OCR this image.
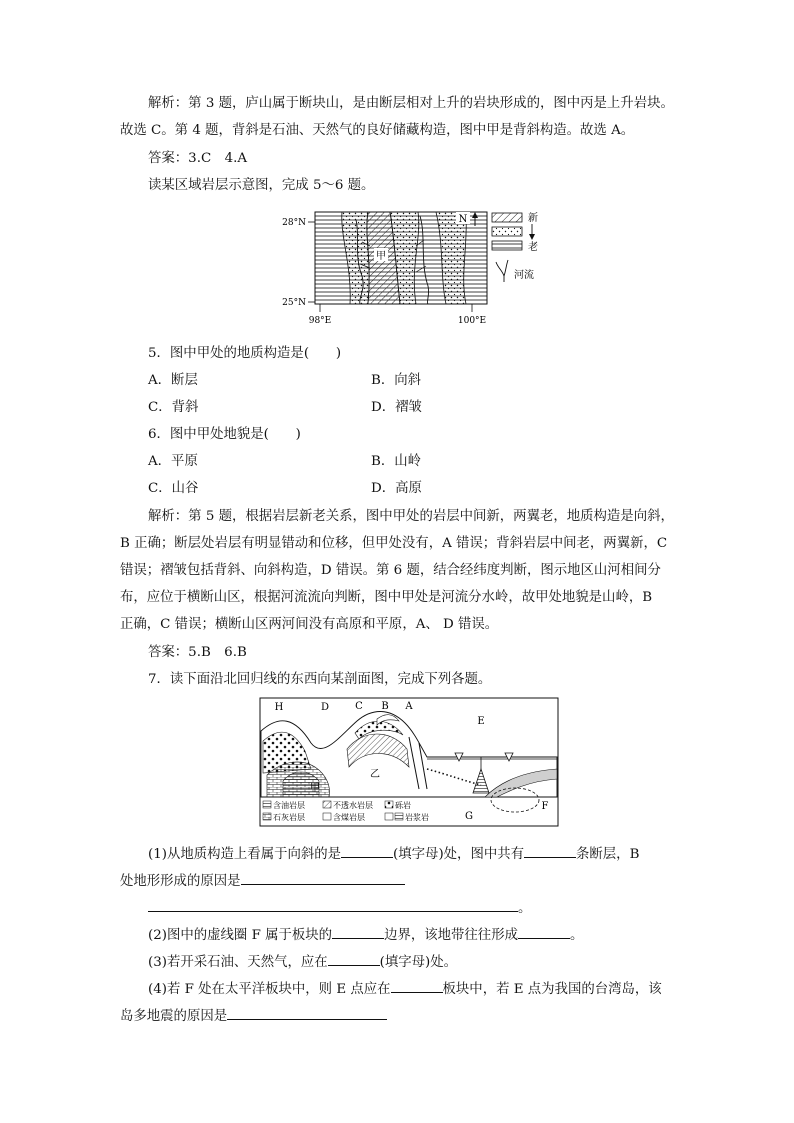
解析：第 3 题，庐山属于断块山，是由断层相对上升的岩块形成的，图中丙是上升岩块。
故选 C。第 4 题，背斜是石油、天然气的良好储藏构造，图中甲是背斜构造。故选 A。
答案：3.C　4.A
读某区域岩层示意图，完成 5～6 题。
28°N
25°N
98°E	100°E
N
甲
新
老
河流
5．图中甲处的地质构造是(　　)
A．断层	B．向斜
C．背斜	D．褶皱
6．图中甲处地貌是(　　)
A．平原	B．山岭
C．山谷	D．高原
解析：第 5 题，根据岩层新老关系，图中甲处的岩层中间新，两翼老，地质构造是向斜，
B 正确；断层处岩层有明显错动和位移，但甲处没有，A 错误；背斜岩层中间老，两翼新，C
错误；褶皱包括背斜、向斜构造，D 错误。第 6 题，结合经纬度判断，图示地区山河相间分
布，应位于横断山区，根据河流流向判断，图中甲处是河流分水岭，故甲处地貌是山岭，B
正确，C 错误；横断山区两河间没有高原和平原，A、 D 错误。
答案：5.B　6.B
7．读下面沿北回归线的东西向某剖面图，完成下列各题。
H	D	C B A
E
F
G
甲
乙
含油岩层	不透水岩层	砾岩
石灰岩层	含煤岩层	岩浆岩
(1)从地质构造上看属于向斜的是	(填字母)处，图中共有	条断层，B
处地形形成的原因是
。
(2)图中的虚线圈 F 属于板块的	边界，该地带往往形成	。
(3)若开采石油、天然气，应在	(填字母)处。
(4)若 F 处在太平洋板块中，则 E 点应在	板块中，若 E 点为我国的台湾岛，该
岛多地震的原因是
